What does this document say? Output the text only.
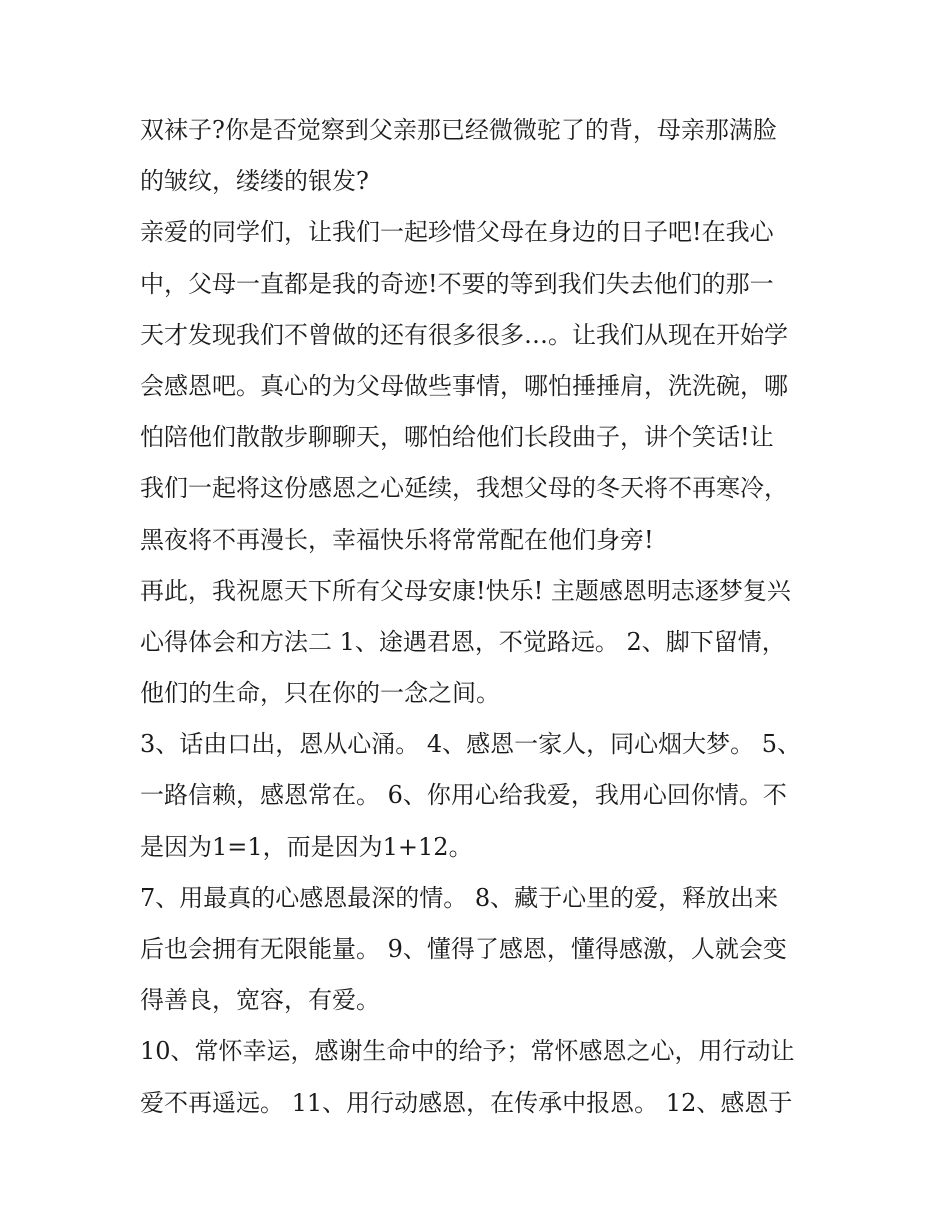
双袜子?你是否觉察到父亲那已经微微驼了的背，母亲那满脸
的皱纹，缕缕的银发?
亲爱的同学们，让我们一起珍惜父母在身边的日子吧!在我心
中，父母一直都是我的奇迹!不要的等到我们失去他们的那一
天才发现我们不曾做的还有很多很多…。让我们从现在开始学
会感恩吧。真心的为父母做些事情，哪怕捶捶肩，洗洗碗，哪
怕陪他们散散步聊聊天，哪怕给他们长段曲子，讲个笑话!让
我们一起将这份感恩之心延续，我想父母的冬天将不再寒冷，
黑夜将不再漫长，幸福快乐将常常配在他们身旁!
再此，我祝愿天下所有父母安康!快乐! 主题感恩明志逐梦复兴
心得体会和方法二 1、途遇君恩，不觉路远。 2、脚下留情，
他们的生命，只在你的一念之间。
3、话由口出，恩从心涌。 4、感恩一家人，同心烟大梦。 5、
一路信赖，感恩常在。 6、你用心给我爱，我用心回你情。不
是因为1=1，而是因为1+12。
7、用最真的心感恩最深的情。 8、藏于心里的爱，释放出来
后也会拥有无限能量。 9、懂得了感恩，懂得感激，人就会变
得善良，宽容，有爱。
10、常怀幸运，感谢生命中的给予；常怀感恩之心，用行动让
爱不再遥远。 11、用行动感恩，在传承中报恩。 12、感恩于
